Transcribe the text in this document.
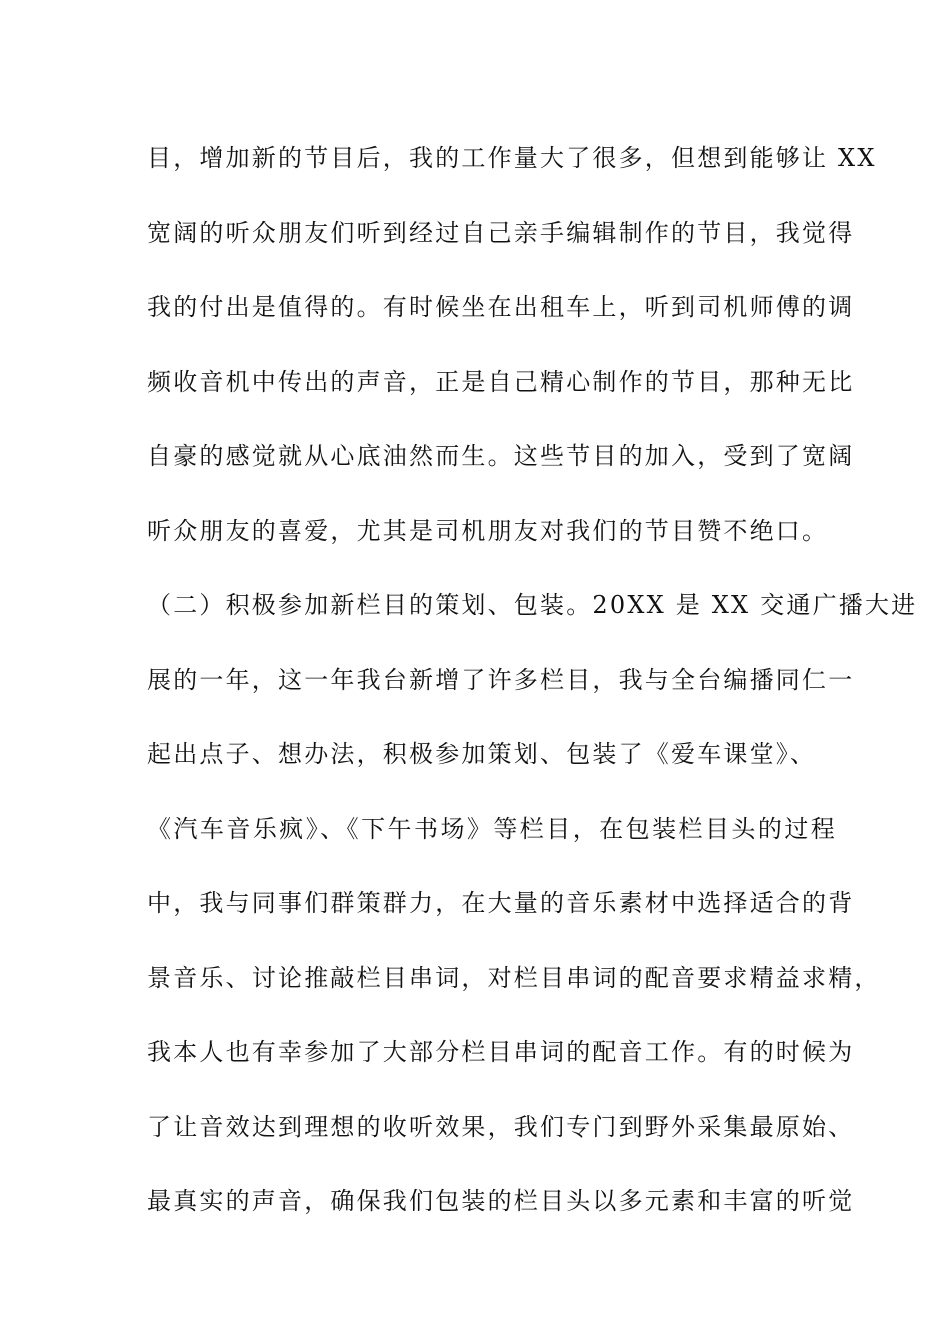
目，增加新的节目后，我的工作量大了很多，但想到能够让 XX
宽阔的听众朋友们听到经过自己亲手编辑制作的节目，我觉得
我的付出是值得的。有时候坐在出租车上，听到司机师傅的调
频收音机中传出的声音，正是自己精心制作的节目，那种无比
自豪的感觉就从心底油然而生。这些节目的加入，受到了宽阔
听众朋友的喜爱，尤其是司机朋友对我们的节目赞不绝口。
（二）积极参加新栏目的策划、包装。20XX 是 XX 交通广播大进
展的一年，这一年我台新增了许多栏目，我与全台编播同仁一
起出点子、想办法，积极参加策划、包装了《爱车课堂》、
《汽车音乐疯》、《下午书场》等栏目，在包装栏目头的过程
中，我与同事们群策群力，在大量的音乐素材中选择适合的背
景音乐、讨论推敲栏目串词，对栏目串词的配音要求精益求精，
我本人也有幸参加了大部分栏目串词的配音工作。有的时候为
了让音效达到理想的收听效果，我们专门到野外采集最原始、
最真实的声音，确保我们包装的栏目头以多元素和丰富的听觉
